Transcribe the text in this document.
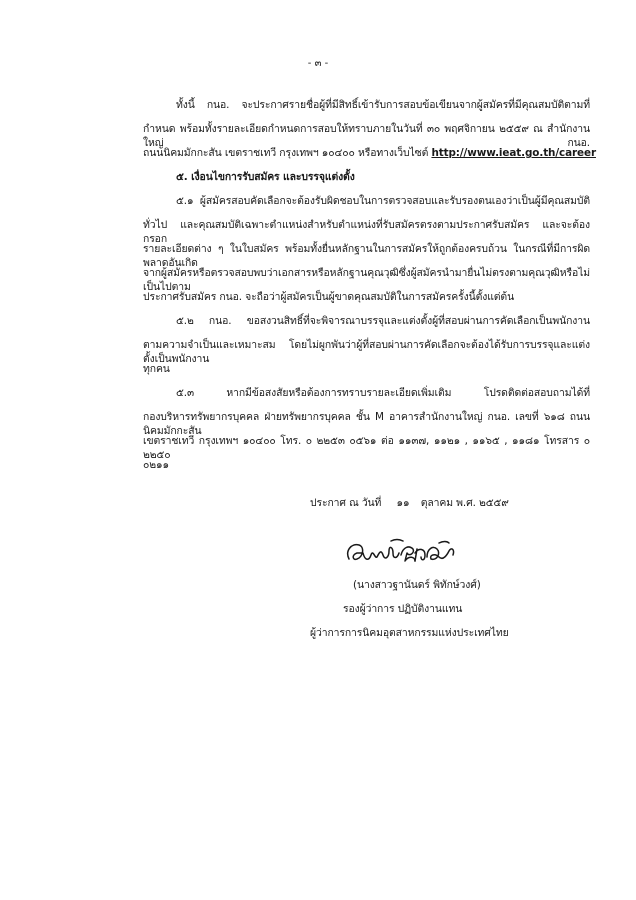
- ๓ -
ทั้งนี้ กนอ. จะประกาศรายชื่อผู้ที่มีสิทธิ์เข้ารับการสอบข้อเขียนจากผู้สมัครที่มีคุณสมบัติตามที่
กำหนด พร้อมทั้งรายละเอียดกำหนดการสอบให้ทราบภายในวันที่ ๓๐ พฤศจิกายน ๒๕๕๙ ณ สำนักงานใหญ่ กนอ.
ถนนนิคมมักกะสัน เขตราชเทวี กรุงเทพฯ ๑๐๔๐๐ หรือทางเว็บไซต์ http://www.ieat.go.th/career
๕. เงื่อนไขการรับสมัคร และบรรจุแต่งตั้ง
๕.๑ ผู้สมัครสอบคัดเลือกจะต้องรับผิดชอบในการตรวจสอบและรับรองตนเองว่าเป็นผู้มีคุณสมบัติ
ทั่วไป และคุณสมบัติเฉพาะตำแหน่งสำหรับตำแหน่งที่รับสมัครตรงตามประกาศรับสมัคร และจะต้องกรอก
รายละเอียดต่าง ๆ ในใบสมัคร พร้อมทั้งยื่นหลักฐานในการสมัครให้ถูกต้องครบถ้วน ในกรณีที่มีการผิดพลาดอันเกิด
จากผู้สมัครหรือตรวจสอบพบว่าเอกสารหรือหลักฐานคุณวุฒิซึ่งผู้สมัครนำมายื่นไม่ตรงตามคุณวุฒิหรือไม่เป็นไปตาม
ประกาศรับสมัคร กนอ. จะถือว่าผู้สมัครเป็นผู้ขาดคุณสมบัติในการสมัครครั้งนี้ตั้งแต่ต้น
๕.๒ กนอ. ขอสงวนสิทธิ์ที่จะพิจารณาบรรจุและแต่งตั้งผู้ที่สอบผ่านการคัดเลือกเป็นพนักงาน
ตามความจำเป็นและเหมาะสม โดยไม่ผูกพันว่าผู้ที่สอบผ่านการคัดเลือกจะต้องได้รับการบรรจุและแต่งตั้งเป็นพนักงาน
ทุกคน
๕.๓ หากมีข้อสงสัยหรือต้องการทราบรายละเอียดเพิ่มเติม โปรดติดต่อสอบถามได้ที่
กองบริหารทรัพยากรบุคคล ฝ่ายทรัพยากรบุคคล ชั้น M อาคารสำนักงานใหญ่ กนอ. เลขที่ ๖๑๘ ถนนนิคมมักกะสัน
เขตราชเทวี กรุงเทพฯ ๑๐๔๐๐ โทร. ๐ ๒๒๕๓ ๐๕๖๑ ต่อ ๑๑๓๗, ๑๑๒๑ , ๑๑๖๕ , ๑๑๘๑ โทรสาร ๐ ๒๒๕๐
๐๒๑๑
ประกาศ ณ วันที่ ๑๑ ตุลาคม พ.ศ. ๒๕๕๙
(นางสาวฐานันดร์ พิทักษ์วงศ์)
รองผู้ว่าการ ปฏิบัติงานแทน
ผู้ว่าการการนิคมอุตสาหกรรมแห่งประเทศไทย
